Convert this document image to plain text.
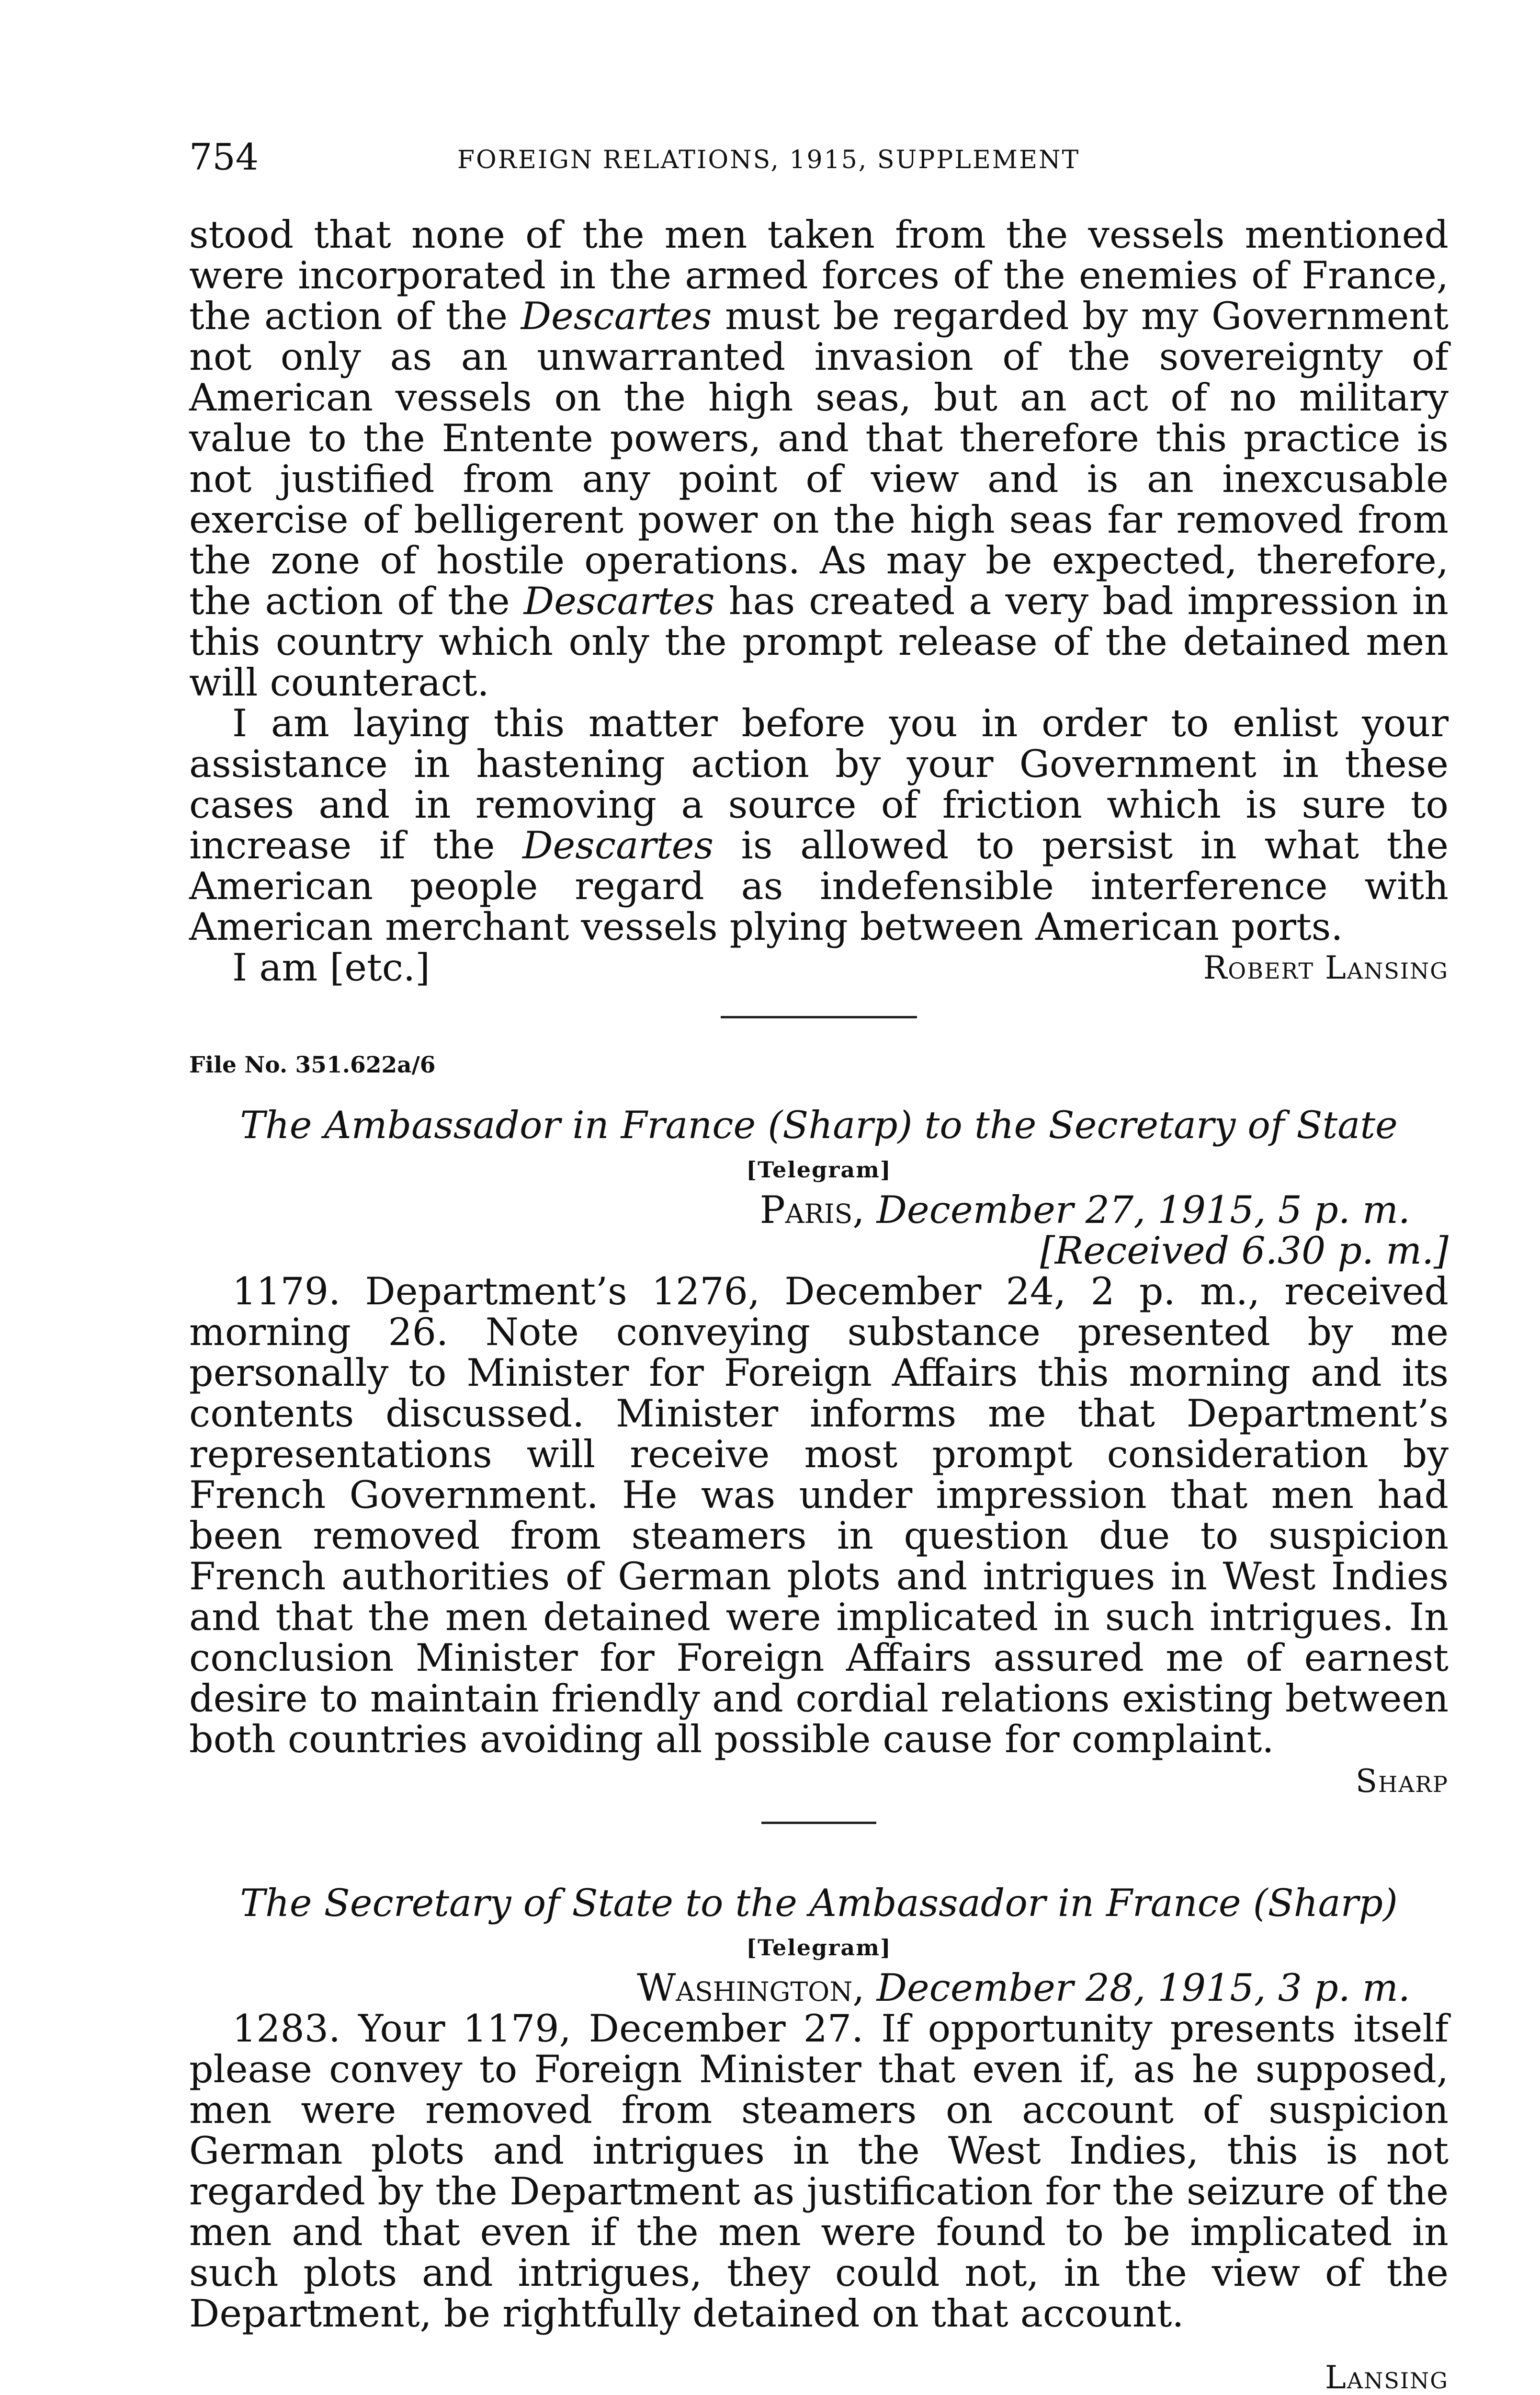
754	FOREIGN RELATIONS, 1915, SUPPLEMENT

stood that none of the men taken from the vessels mentioned were incorporated in the armed forces of the enemies of France, the action of the Descartes must be regarded by my Government not only as an unwarranted invasion of the sovereignty of American vessels on the high seas, but an act of no military value to the Entente powers, and that therefore this practice is not justified from any point of view and is an inexcusable exercise of belligerent power on the high seas far removed from the zone of hostile operations. As may be expected, therefore, the action of the Descartes has created a very bad impression in this country which only the prompt release of the detained men will counteract.

I am laying this matter before you in order to enlist your assistance in hastening action by your Government in these cases and in removing a source of friction which is sure to increase if the Descartes is allowed to persist in what the American people regard as indefensible interference with American merchant vessels plying between American ports.

I am [etc.]	Robert Lansing
File No. 351.622a/6
The Ambassador in France (Sharp) to the Secretary of State
[Telegram]
Paris, December 27, 1915, 5 p. m.
[Received 6.30 p. m.]

1179. Department’s 1276, December 24, 2 p. m., received morning 26. Note conveying substance presented by me personally to Minister for Foreign Affairs this morning and its contents discussed. Minister informs me that Department’s representations will receive most prompt consideration by French Government. He was under impression that men had been removed from steamers in question due to suspicion French authorities of German plots and intrigues in West Indies and that the men detained were implicated in such intrigues. In conclusion Minister for Foreign Affairs assured me of earnest desire to maintain friendly and cordial relations existing between both countries avoiding all possible cause for complaint.

Sharp
The Secretary of State to the Ambassador in France (Sharp)
[Telegram]
Washington, December 28, 1915, 3 p. m.

1283. Your 1179, December 27. If opportunity presents itself please convey to Foreign Minister that even if, as he supposed, men were removed from steamers on account of suspicion German plots and intrigues in the West Indies, this is not regarded by the Department as justification for the seizure of the men and that even if the men were found to be implicated in such plots and intrigues, they could not, in the view of the Department, be rightfully detained on that account.

Lansing
